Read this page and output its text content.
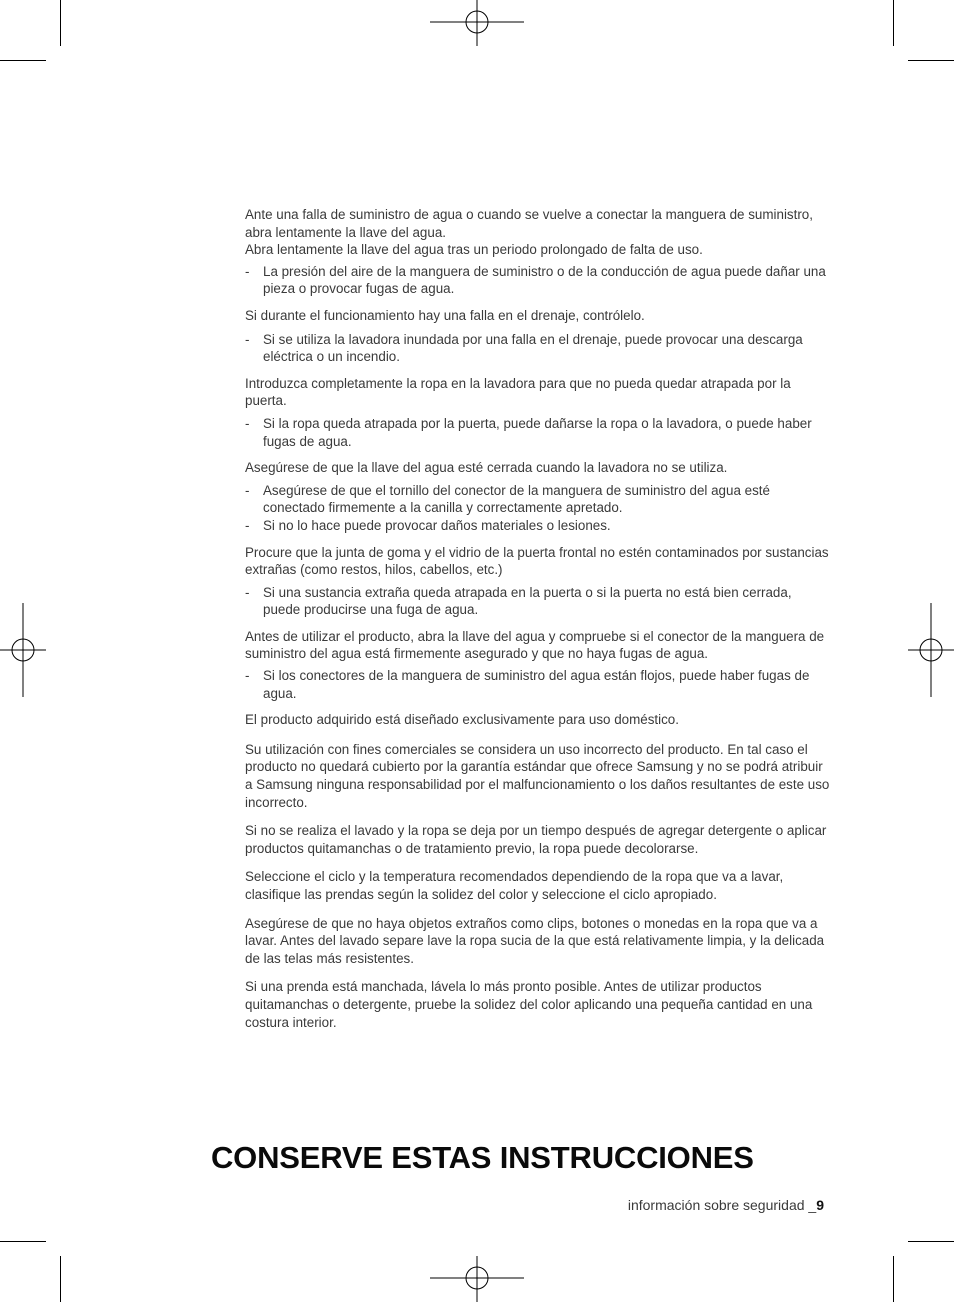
Ante una falla de suministro de agua o cuando se vuelve a conectar la manguera de suministro, abra lentamente la llave del agua.

Abra lentamente la llave del agua tras un periodo prolongado de falta de uso.

- La presión del aire de la manguera de suministro o de la conducción de agua puede dañar una pieza o provocar fugas de agua.

Si durante el funcionamiento hay una falla en el drenaje, contrólelo.

- Si se utiliza la lavadora inundada por una falla en el drenaje, puede provocar una descarga eléctrica o un incendio.

Introduzca completamente la ropa en la lavadora para que no pueda quedar atrapada por la puerta.

- Si la ropa queda atrapada por la puerta, puede dañarse la ropa o la lavadora, o puede haber fugas de agua.

Asegúrese de que la llave del agua esté cerrada cuando la lavadora no se utiliza.

- Asegúrese de que el tornillo del conector de la manguera de suministro del agua esté conectado firmemente a la canilla y correctamente apretado.
- Si no lo hace puede provocar daños materiales o lesiones.

Procure que la junta de goma y el vidrio de la puerta frontal no estén contaminados por sustancias extrañas (como restos, hilos, cabellos, etc.)

- Si una sustancia extraña queda atrapada en la puerta o si la puerta no está bien cerrada, puede producirse una fuga de agua.

Antes de utilizar el producto, abra la llave del agua y compruebe si el conector de la manguera de suministro del agua está firmemente asegurado y que no haya fugas de agua.

- Si los conectores de la manguera de suministro del agua están flojos, puede haber fugas de agua.

El producto adquirido está diseñado exclusivamente para uso doméstico.

Su utilización con fines comerciales se considera un uso incorrecto del producto. En tal caso el producto no quedará cubierto por la garantía estándar que ofrece Samsung y no se podrá atribuir a Samsung ninguna responsabilidad por el malfuncionamiento o los daños resultantes de este uso incorrecto.

Si no se realiza el lavado y la ropa se deja por un tiempo después de agregar detergente o aplicar productos quitamanchas o de tratamiento previo, la ropa puede decolorarse.

Seleccione el ciclo y la temperatura recomendados dependiendo de la ropa que va a lavar, clasifique las prendas según la solidez del color y seleccione el ciclo apropiado.

Asegúrese de que no haya objetos extraños como clips, botones o monedas en la ropa que va a lavar. Antes del lavado separe lave la ropa sucia de la que está relativamente limpia, y la delicada de las telas más resistentes.

Si una prenda está manchada, lávela lo más pronto posible. Antes de utilizar productos quitamanchas o detergente, pruebe la solidez del color aplicando una pequeña cantidad en una costura interior.

CONSERVE ESTAS INSTRUCCIONES
información sobre seguridad _9
